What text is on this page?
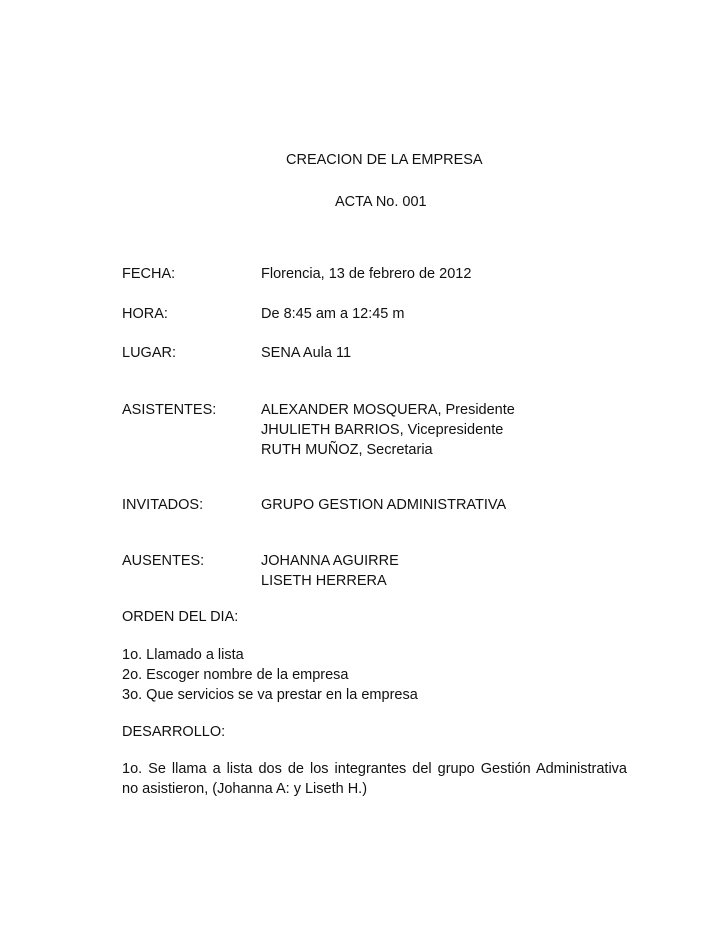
CREACION DE LA EMPRESA
ACTA No. 001
FECHA:	Florencia, 13 de febrero de 2012
HORA:	De 8:45 am a 12:45 m
LUGAR:	SENA Aula 11
ASISTENTES:	ALEXANDER MOSQUERA, Presidente
JHULIETH BARRIOS, Vicepresidente
RUTH MUÑOZ, Secretaria
INVITADOS:	GRUPO GESTION ADMINISTRATIVA
AUSENTES:	JOHANNA AGUIRRE
LISETH HERRERA
ORDEN DEL DIA:
1o. Llamado a lista
2o. Escoger nombre de la empresa
3o. Que servicios se va prestar en la empresa
DESARROLLO:
1o. Se llama a lista dos de los integrantes del grupo Gestión Administrativa
no asistieron, (Johanna A: y Liseth H.)
